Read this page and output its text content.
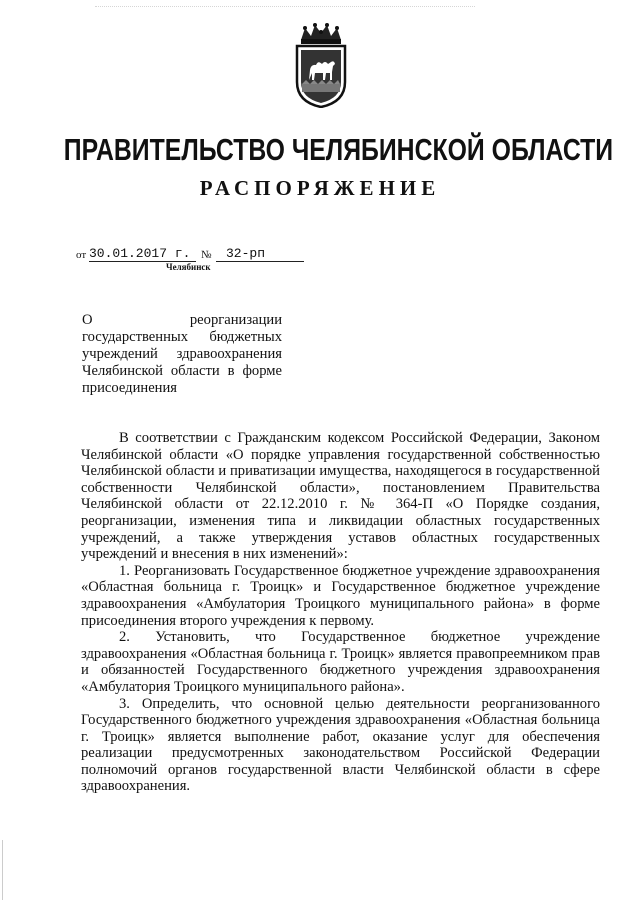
ПРАВИТЕЛЬСТВО ЧЕЛЯБИНСКОЙ ОБЛАСТИ
РАСПОРЯЖЕНИЕ
от 30.01.2017 г. №	32-рп
Челябинск
О реорганизации
государственных бюджетных
учреждений здравоохранения
Челябинской области в форме
присоединения

В соответствии с Гражданским кодексом Российской Федерации, Законом Челябинской области «О порядке управления государственной собственностью Челябинской области и приватизации имущества, находящегося в государственной собственности Челябинской области», постановлением Правительства Челябинской области от 22.12.2010 г. № 364-П «О Порядке создания, реорганизации, изменения типа и ликвидации областных государственных учреждений, а также утверждения уставов областных государственных учреждений и внесения в них изменений»:

1. Реорганизовать Государственное бюджетное учреждение здравоохранения «Областная больница г. Троицк» и Государственное бюджетное учреждение здравоохранения «Амбулатория Троицкого муниципального района» в форме присоединения второго учреждения к первому.

2. Установить, что Государственное бюджетное учреждение здравоохранения «Областная больница г. Троицк» является правопреемником прав и обязанностей Государственного бюджетного учреждения здравоохранения «Амбулатория Троицкого муниципального района».

3. Определить, что основной целью деятельности реорганизованного Государственного бюджетного учреждения здравоохранения «Областная больница г. Троицк» является выполнение работ, оказание услуг для обеспечения реализации предусмотренных законодательством Российской Федерации полномочий органов государственной власти Челябинской области в сфере здравоохранения.
